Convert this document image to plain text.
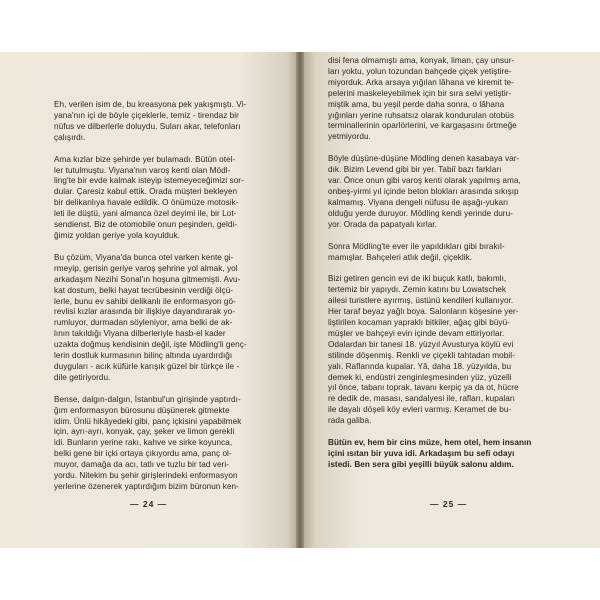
Eh, verilen isim de, bu kreasyona pek yakışmıştı. Vi-
yana'nın içi de böyle çiçeklerle, temiz - tirendaz bir
nüfus ve dilberlerle doluydu. Suları akar, telefonları
çalışırdı.
Ama kızlar bize şehirde yer bulamadı. Bütün otel-
ler tutulmuştu. Viyana'nın varoş kenti olan Mödl-
ling'te bir evde kalmak isteyip istemeyeceğimizi sor-
dular. Çaresiz kabul ettik. Orada müşteri bekleyen
bir delikanlıya havale edildik. O önümüze motosik-
leti ile düştü, yani almanca özel deyimi ile, bir Lot-
sendienst. Biz de otomobile onun peşinden, geldi-
ğimiz yoldan geriye yola koyulduk.
Bu çözüm, Viyana'da bunca otel varken kente gi-
rmeyip, gerisin geriye varoş şehrine yol almak, yol
arkadaşım Nezihi Sonal'ın hoşuna gitmemişti. Avu-
kat dostum, belki hayat tecrübesinin verdiği ölçü-
lerle, bunu ev sahibi delikanlı ile enformasyon gö-
revlisi kızlar arasında bir ilişkiye dayandırarak yo-
rumluyor, durmadan söyleniyor, ama belki de ak-
lının takıldığı Viyana dilberleriyle hasb-el kader
uzakta doğmuş kendisinin değil, işte Mödling'li genç-
lerin dostluk kurmasının bilinç altında uyardırdığı
duyguları - acık küfürle karışık güzel bir türkçe ile -
dile getiriyordu.
Bense, dalgın-dalgın, İstanbul'un girişinde yaptırdı-
ğım enformasyon bürosunu düşünerek gitmekte
idim. Ünlü hikâyedeki gibi, panç içkisini yapabilmek
için, ayrı-ayrı, konyak, çay, şeker ve limon gerekli
idi. Bunların yerine rakı, kahve ve sirke koyunca,
belki gene bir içki ortaya çıkıyordu ama, panç ol-
muyor, damağa da acı, tatlı ve tuzlu bir tad veri-
yordu. Nitekim bu şehir girişlerindeki enformasyon
yerlerine özenerek yaptırdığım bizim büronun ken-
— 24 —
disi fena olmamıştı ama, konyak, liman, çay unsur-
ları yoktu, yolun tozundan bahçede çiçek yetiştire-
miyorduk. Arka arsaya yığılan lâhana ve kiremit te-
pelerini maskeleyebilmek için bir sıra selvi yetiştir-
miştik ama, bu yeşil perde daha sonra, o lâhana
yığınları yerine ruhsatsız olarak kondurulan otobüs
terminallerinin oparlörlerini, ve kargaşasını örtmeğe
yetmiyordu.
Böyle düşüne-düşüne Mödling denen kasabaya var-
dık. Bizim Levend gibi bir yer. Tabiî bazı farkları
var. Önce onun gibi varoş kenti olarak yapılmış ama,
onbeş-yirmi yıl içinde beton blokları arasında sıkışıp
kalmamış. Viyana dengeli nüfusu ile aşağı-yukarı
olduğu yerde duruyor. Mödling kendi yerinde duru-
yor. Orada da papatyalı kırlar.
Sonra Mödling'te ever ile yapıldıkları gibi bırakıl-
mamışlar. Bahçeleri atlık değil, çiçeklik.
Bizi getiren gencin evi de iki buçuk katlı, bakımlı,
tertemiz bir yapıydı. Zemin katını bu Lowatschek
ailesi turistlere ayırmış, üstünü kendileri kullanıyor.
Her taraf beyaz yağlı boya. Salonların köşesine yer-
liştirilen kocaman yapraklı bitkiler, ağaç gibi büyü-
müşler ve bahçeyi evin içinde devam ettiriyorlar.
Odalardan bir tanesi 18. yüzyıl Avusturya köylü evi
stilinde döşenmiş. Renkli ve çiçekli tahtadan mobil-
yalı. Raflarında kupalar. Yâ, daha 18. yüzyılda, bu
demek ki, endüstri zenginleşmesinden yüz, yüzelli
yıl önce, tabanı toprak, tavanı kerpiç ya da ot, hücre
re dedik de, masası, sandalyesi ile, rafları, kupaları
ile dayalı döşeli köy evleri varmış. Keramet de bu-
rada galiba.
Bütün ev, hem bir cins müze, hem otel, hem insanın
içini ısıtan bir yuva idi. Arkadaşım bu sefi odayı
istedi. Ben sera gibi yeşilli büyük salonu aldım.
— 25 —
